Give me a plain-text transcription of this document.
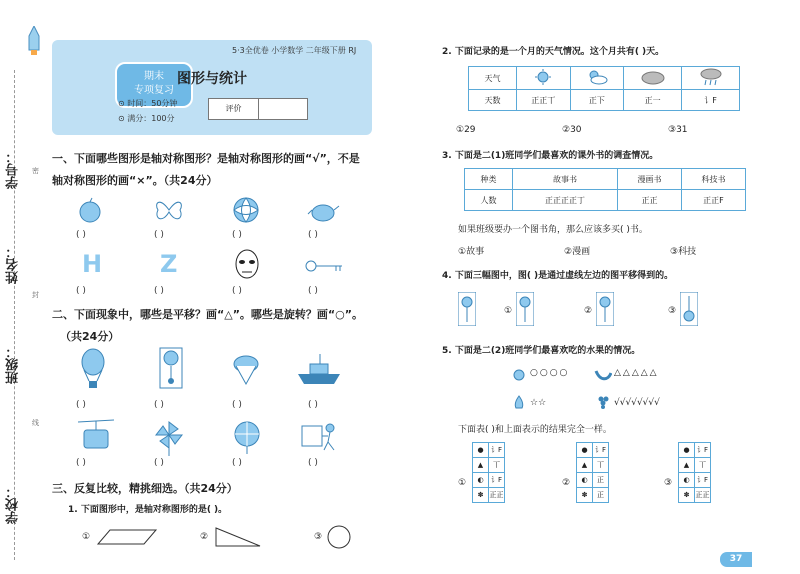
学号：
姓名：
班级：
学校：
密
封
线
期末
专项复习
5·3全优卷 小学数学 二年级下册 RJ
图形与统计
⊙ 时间：50分钟
⊙ 满分：100分
评价
一、下面哪些图形是轴对称图形？是轴对称图形的画“√”，不是
轴对称图形的画“×”。（共24分）
( )	( )	( )	( )
H Z
( )	( )	( )	( )
二、下面现象中，哪些是平移？画“△”。哪些是旋转？画“○”。
（共24分）
( )	( )	( )	( )
( )	( )	( )	( )
三、反复比较，精挑细选。（共24分）
1. 下面图形中，是轴对称图形的是( )。
①	②	③
2. 下面记录的是一个月的天气情况。这个月共有( )天。
天气				
天数	正正丅	正下	正一	讠F
①29	②30	③31
3. 下面是二(1)班同学们最喜欢的课外书的调查情况。
种类	故事书	漫画书	科技书
人数	正正正正丁	正正	正正F
如果班级要办一个图书角，那么应该多买( )书。
①故事	②漫画	③科技
4. 下面三幅图中，图( )是通过虚线左边的图平移得到的。
①	②	③
5. 下面是二(2)班同学们最喜欢吃的水果的情况。
○○○○	△△△△△
☆☆	√√√√√√√√
下面表( )和上面表示的结果完全一样。
①
●	讠F
▲	丅
◐	讠F
✽	正正
②
●	讠F
▲	丅
◐	正
✽	正
③
●	讠F
▲	丅
◐	讠F
✽	正正
37
